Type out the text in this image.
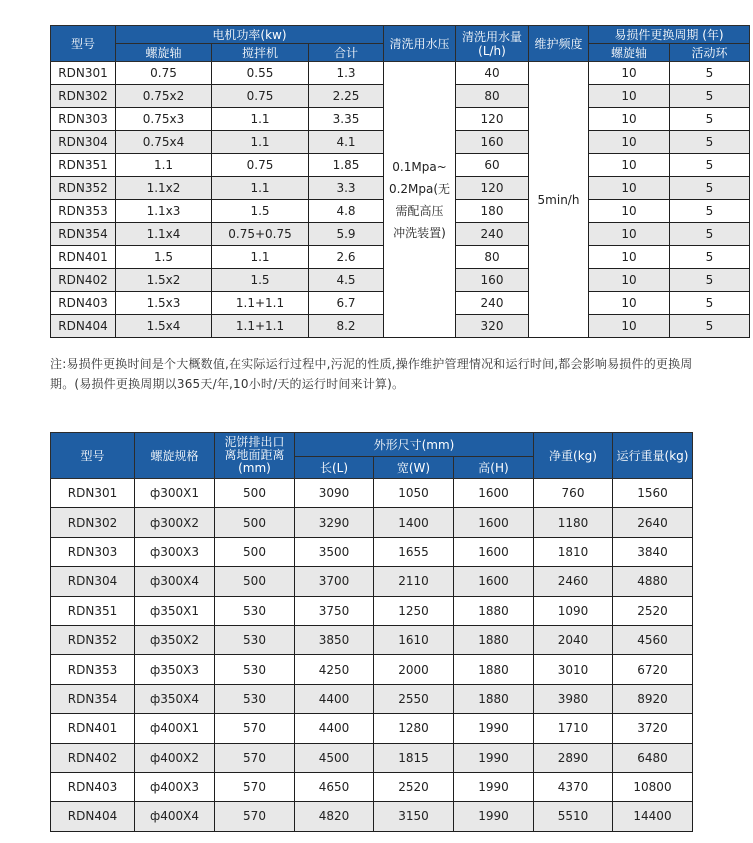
型号	电机功率(kw)			清洗用水压	清洗用水量
(L/h)	维护频度	易损件更换周期 (年)	
	螺旋轴	搅拌机	合计				螺旋轴	活动环
RDN301	0.75	0.55	1.3	0.1Mpa~
0.2Mpa(无
需配高压
冲洗装置)	40	5min/h	10	5
RDN302	0.75x2	0.75	2.25		80		10	5
RDN303	0.75x3	1.1	3.35		120		10	5
RDN304	0.75x4	1.1	4.1		160		10	5
RDN351	1.1	0.75	1.85		60		10	5
RDN352	1.1x2	1.1	3.3		120		10	5
RDN353	1.1x3	1.5	4.8		180		10	5
RDN354	1.1x4	0.75+0.75	5.9		240		10	5
RDN401	1.5	1.1	2.6		80		10	5
RDN402	1.5x2	1.5	4.5		160		10	5
RDN403	1.5x3	1.1+1.1	6.7		240		10	5
RDN404	1.5x4	1.1+1.1	8.2		320		10	5
注:易损件更换时间是个大概数值,在实际运行过程中,污泥的性质,操作维护管理情况和运行时间,都会影响易损件的更换周期。(易损件更换周期以365天/年,10小时/天的运行时间来计算)。
型号	螺旋规格	泥饼排出口
离地面距离
(mm)	外形尺寸(mm)			净重(kg)	运行重量(kg)
			长(L)	宽(W)	高(H)		
RDN301	ф300X1	500	3090	1050	1600	760	1560
RDN302	ф300X2	500	3290	1400	1600	1180	2640
RDN303	ф300X3	500	3500	1655	1600	1810	3840
RDN304	ф300X4	500	3700	2110	1600	2460	4880
RDN351	ф350X1	530	3750	1250	1880	1090	2520
RDN352	ф350X2	530	3850	1610	1880	2040	4560
RDN353	ф350X3	530	4250	2000	1880	3010	6720
RDN354	ф350X4	530	4400	2550	1880	3980	8920
RDN401	ф400X1	570	4400	1280	1990	1710	3720
RDN402	ф400X2	570	4500	1815	1990	2890	6480
RDN403	ф400X3	570	4650	2520	1990	4370	10800
RDN404	ф400X4	570	4820	3150	1990	5510	14400
